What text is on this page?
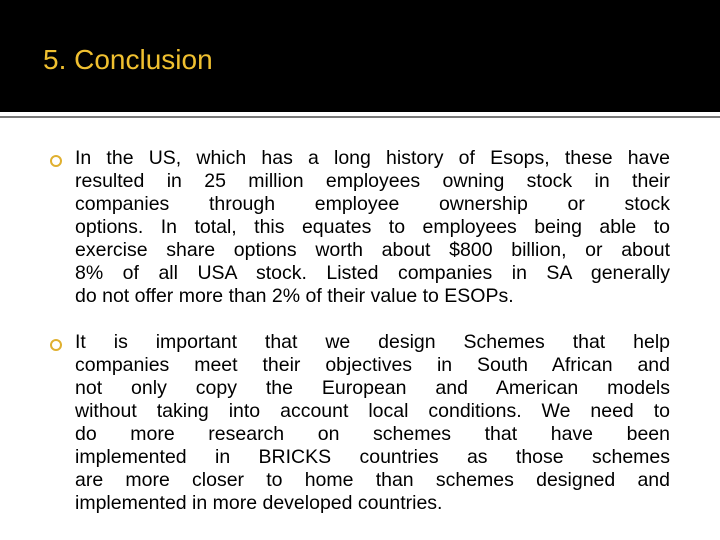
5. Conclusion
In the US, which has a long history of Esops, these have
resulted in 25 million employees owning stock in their
companies through employee ownership or stock
options. In total, this equates to employees being able to
exercise share options worth about $800 billion, or about
8% of all USA stock. Listed companies in SA generally
do not offer more than 2% of their value to ESOPs.
It is important that we design Schemes that help
companies meet their objectives in South African and
not only copy the European and American models
without taking into account local conditions. We need to
do more research on schemes that have been
implemented in BRICKS countries as those schemes
are more closer to home than schemes designed and
implemented in more developed countries.
